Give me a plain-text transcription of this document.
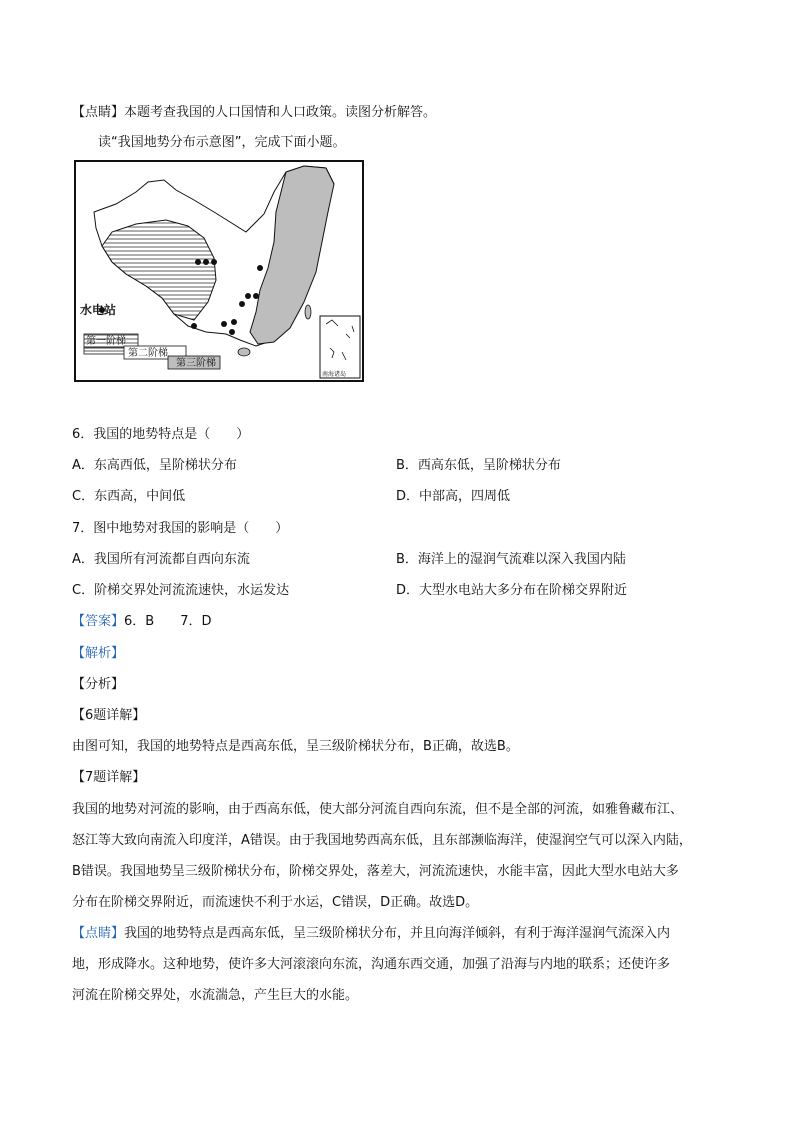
【点睛】本题考查我国的人口国情和人口政策。读图分析解答。
读“我国地势分布示意图”，完成下面小题。
水电站
第一阶梯
第二阶梯
第三阶梯
南海诸岛
6．我国的地势特点是（　　）
A．东高西低，呈阶梯状分布	B．西高东低，呈阶梯状分布
C．东西高，中间低	D．中部高，四周低
7．图中地势对我国的影响是（　　）
A．我国所有河流都自西向东流	B．海洋上的湿润气流难以深入我国内陆
C．阶梯交界处河流流速快，水运发达	D．大型水电站大多分布在阶梯交界附近
【答案】6．B　　7．D
【解析】
【分析】
【6题详解】
由图可知，我国的地势特点是西高东低，呈三级阶梯状分布，B正确，故选B。
【7题详解】
我国的地势对河流的影响，由于西高东低，使大部分河流自西向东流，但不是全部的河流，如雅鲁藏布江、
怒江等大致向南流入印度洋，A错误。由于我国地势西高东低，且东部濒临海洋，使湿润空气可以深入内陆，
B错误。我国地势呈三级阶梯状分布，阶梯交界处，落差大，河流流速快，水能丰富，因此大型水电站大多
分布在阶梯交界附近，而流速快不利于水运，C错误，D正确。故选D。
【点睛】我国的地势特点是西高东低，呈三级阶梯状分布，并且向海洋倾斜，有利于海洋湿润气流深入内
地，形成降水。这种地势，使许多大河滚滚向东流，沟通东西交通，加强了沿海与内地的联系；还使许多
河流在阶梯交界处，水流湍急，产生巨大的水能。
